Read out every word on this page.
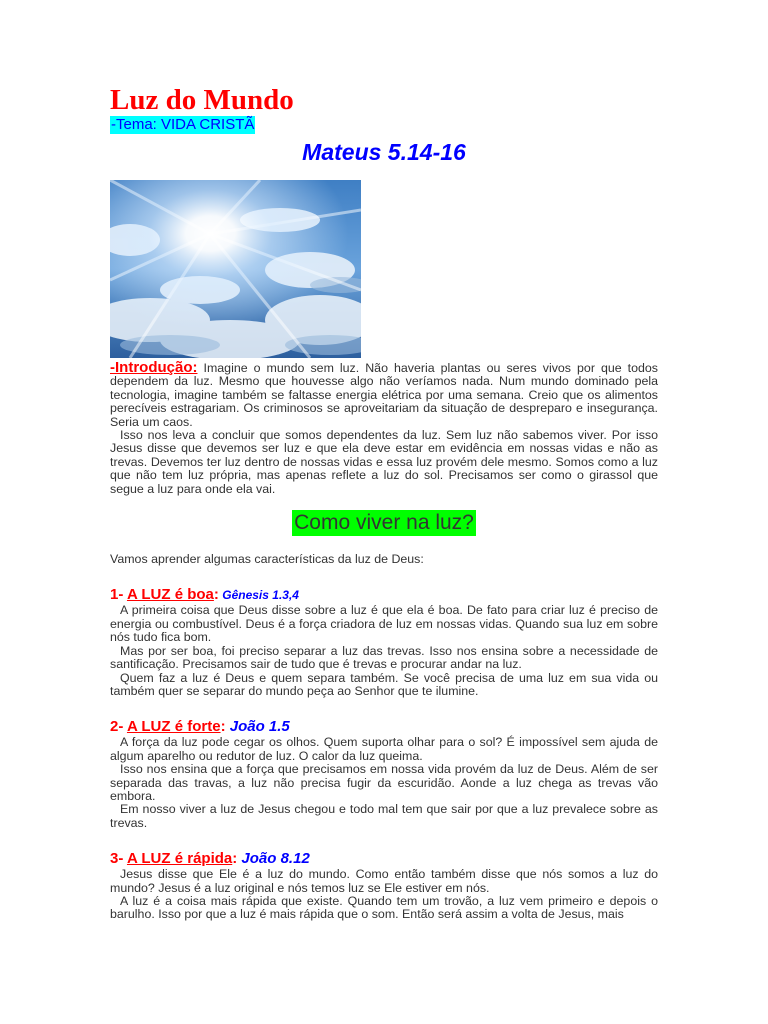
Luz do Mundo
-Tema: VIDA CRISTÃ
Mateus 5.14-16

-Introdução: Imagine o mundo sem luz. Não haveria plantas ou seres vivos por que todos dependem da luz. Mesmo que houvesse algo não veríamos nada. Num mundo dominado pela tecnologia, imagine também se faltasse energia elétrica por uma semana. Creio que os alimentos perecíveis estragariam. Os criminosos se aproveitariam da situação de despreparo e insegurança. Seria um caos.

Isso nos leva a concluir que somos dependentes da luz. Sem luz não sabemos viver. Por isso Jesus disse que devemos ser luz e que ela deve estar em evidência em nossas vidas e não as trevas. Devemos ter luz dentro de nossas vidas e essa luz provém dele mesmo. Somos como a luz que não tem luz própria, mas apenas reflete a luz do sol. Precisamos ser como o girassol que segue a luz para onde ela vai.

Como viver na luz?

Vamos aprender algumas características da luz de Deus:

1- A LUZ é boa: Gênesis 1.3,4

A primeira coisa que Deus disse sobre a luz é que ela é boa. De fato para criar luz é preciso de energia ou combustível. Deus é a força criadora de luz em nossas vidas. Quando sua luz em sobre nós tudo fica bom.

Mas por ser boa, foi preciso separar a luz das trevas. Isso nos ensina sobre a necessidade de santificação. Precisamos sair de tudo que é trevas e procurar andar na luz.

Quem faz a luz é Deus e quem separa também. Se você precisa de uma luz em sua vida ou também quer se separar do mundo peça ao Senhor que te ilumine.

2- A LUZ é forte: João 1.5

A força da luz pode cegar os olhos. Quem suporta olhar para o sol? É impossível sem ajuda de algum aparelho ou redutor de luz. O calor da luz queima.

Isso nos ensina que a força que precisamos em nossa vida provém da luz de Deus. Além de ser separada das travas, a luz não precisa fugir da escuridão. Aonde a luz chega as trevas vão embora.

Em nosso viver a luz de Jesus chegou e todo mal tem que sair por que a luz prevalece sobre as trevas.

3- A LUZ é rápida: João 8.12

Jesus disse que Ele é a luz do mundo. Como então também disse que nós somos a luz do mundo? Jesus é a luz original e nós temos luz se Ele estiver em nós.

A luz é a coisa mais rápida que existe. Quando tem um trovão, a luz vem primeiro e depois o barulho. Isso por que a luz é mais rápida que o som. Então será assim a volta de Jesus, mais
